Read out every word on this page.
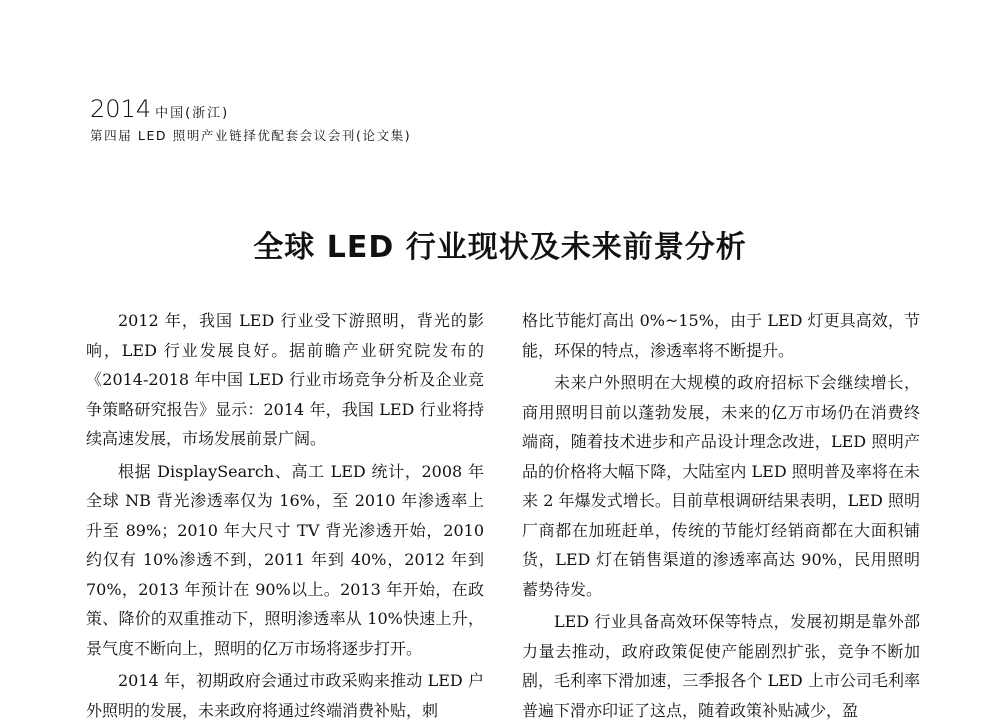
2014 中国(浙江)
第四届 LED 照明产业链择优配套会议会刊(论文集)
全球 LED 行业现状及未来前景分析

2012 年，我国 LED 行业受下游照明，背光的影响，LED 行业发展良好。据前瞻产业研究院发布的《2014-2018 年中国 LED 行业市场竞争分析及企业竞争策略研究报告》显示：2014 年，我国 LED 行业将持续高速发展，市场发展前景广阔。

根据 DisplaySearch、高工 LED 统计，2008 年全球 NB 背光渗透率仅为 16%，至 2010 年渗透率上升至 89%；2010 年大尺寸 TV 背光渗透开始，2010 约仅有 10%渗透不到，2011 年到 40%，2012 年到 70%，2013 年预计在 90%以上。2013 年开始，在政策、降价的双重推动下，照明渗透率从 10%快速上升，景气度不断向上，照明的亿万市场将逐步打开。

2014 年，初期政府会通过市政采购来推动 LED 户外照明的发展，未来政府将通过终端消费补贴，刺

格比节能灯高出 0%~15%，由于 LED 灯更具高效，节能，环保的特点，渗透率将不断提升。

未来户外照明在大规模的政府招标下会继续增长，商用照明目前以蓬勃发展，未来的亿万市场仍在消费终端商，随着技术进步和产品设计理念改进，LED 照明产品的价格将大幅下降，大陆室内 LED 照明普及率将在未来 2 年爆发式增长。目前草根调研结果表明，LED 照明厂商都在加班赶单，传统的节能灯经销商都在大面积铺货，LED 灯在销售渠道的渗透率高达 90%，民用照明蓄势待发。

LED 行业具备高效环保等特点，发展初期是靠外部力量去推动，政府政策促使产能剧烈扩张，竞争不断加剧，毛利率下滑加速，三季报各个 LED 上市公司毛利率普遍下滑亦印证了这点，随着政策补贴减少，盈
